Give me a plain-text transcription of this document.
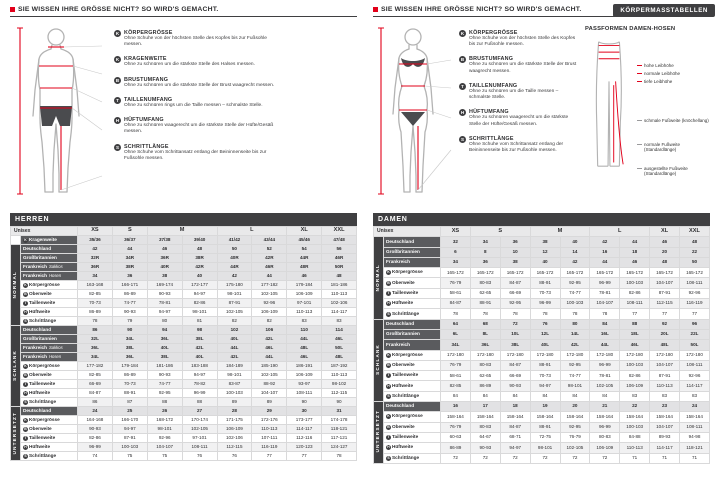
KÖRPERMASSTABELLEN
SIE WISSEN IHRE GRÖSSE NICHT? SO WIRD'S GEMACHT.
K KÖRPERGRÖSSE
Ohne Schuhe von der höchsten Stelle des Kopfes bis zur Fußsohle messen.
K KRAGENWEITE
Ohne zu schnüren um die stärkste Stelle des Halses messen.
B BRUSTUMFANG
Ohne zu schnüren um die stärkste Stelle der Brust waagrecht messen.
T TAILLENUMFANG
Ohne zu schnüren rings um die Taille messen – schmalste Stelle.
H HÜFTUMFANG
Ohne zu schnüren waagerecht um die stärkste Stelle der Hüfte/Gesäß messen.
S SCHRITTLÄNGE
Ohne Schuhe vom Schrittansatz entlang der Beininnenseite bis zur Fußsohle messen.
SIE WISSEN IHRE GRÖSSE NICHT? SO WIRD'S GEMACHT.
K KÖRPERGRÖSSE
Ohne Schuhe von der höchsten Stelle des Kopfes bis zur Fußsohle messen.
B BRUSTUMFANG
Ohne zu schnüren um die stärkste Stelle der Brust waagrecht messen.
T TAILLENUMFANG
Ohne zu schnüren um die Taille messen – schmalste Stelle.
H HÜFTUMFANG
Ohne zu schnüren waagerecht um die stärkste Stelle der Hüfte/Gesäß messen.
S SCHRITTLÄNGE
Ohne Schuhe vom Schrittansatz entlang der Beininnenseite bis zur Fußsohle messen.
PASSFORMEN DAMEN-HOSEN
hohe Leibhöhe
normale Leibhöhe
tiefe Leibhöhe
schmale Fußweite (knöchellang)
normale Fußweite (Standardlänge)
ausgestellte Fußweite (Standardlänge)
HERREN
Unisex		XS	S	M		L		XL	XXL
	K Kragenweite	35/36	36/37	37/38	39/40	41/42	43/44	45/46	47/48
NORMAL	Deutschland	42	44	46	48	50	52	54	56
	Großbritannien	32R	34R	36R	38R	40R	42R	44R	46R
	Frankreich Sakkos	36R	38R	40R	42R	44R	46R	48R	50R
	Frankreich Hosen	34	36	38	40	42	44	46	48
	K Körpergrösse	163-168	166-171	169-174	172-177	175-180	177-182	179-184	181-186
	B Oberweite	82-85	86-89	90-93	94-97	98-101	102-105	106-109	110-113
	T Taillenweite	70-73	74-77	78-81	82-86	87-91	92-96	97-101	102-106
	H Hüftweite	86-89	90-93	94-97	98-101	102-105	106-109	110-113	114-117
	S Schrittlänge	78	79	80	81	82	82	83	83
SCHLANK	Deutschland	86	90	94	98	102	106	110	114
	Großbritannien	32L	34L	36L	38L	40L	42L	44L	46L
	Frankreich Sakkos	36L	38L	40L	42L	44L	46L	48L	50L
	Frankreich Hosen	34L	36L	38L	40L	42L	44L	46L	48L
	K Körpergrösse	177-182	179-184	181-186	183-188	184-189	185-190	186-191	187-192
	B Oberweite	82-85	86-89	90-93	94-97	98-101	102-105	106-109	110-113
	T Taillenweite	66-69	70-73	74-77	78-82	83-87	88-92	93-97	98-102
	H Hüftweite	84-87	88-91	92-95	96-99	100-103	104-107	108-111	112-115
	S Schrittlänge	86	87	88	88	89	89	90	90
UNTERSETZT	Deutschland	24	25	26	27	28	29	30	31
	K Körpergrösse	164-168	166-170	168-172	170-174	171-175	172-176	173-177	174-178
	B Oberweite	90-93	94-97	98-101	102-105	106-109	110-113	114-117	118-121
	T Taillenweite	82-86	87-91	92-96	97-101	102-106	107-111	112-116	117-121
	H Hüftweite	96-99	100-103	104-107	108-111	112-115	116-119	120-123	124-127
	S Schrittlänge	74	75	75	76	76	77	77	78
DAMEN
Unisex		XS	S		M		L		XL	XXL
NORMAL	Deutschland	32	34	36	38	40	42	44	46	48
	Großbritannien	6	8	10	12	14	16	18	20	22
	Frankreich	34	36	38	40	42	44	46	48	50
	K Körpergrösse	165-172	165-172	165-172	165-172	165-172	165-172	165-172	165-172	165-172
	B Oberweite	76-79	80-83	84-87	88-91	92-95	96-99	100-103	104-107	108-111
	T Taillenweite	58-61	62-65	66-69	70-73	74-77	78-81	82-86	87-91	92-96
	H Hüftweite	84-87	88-91	92-95	96-99	100-103	104-107	108-111	112-115	116-119
	S Schrittlänge	78	78	78	78	78	78	77	77	77
SCHLANK	Deutschland	64	68	72	76	80	84	88	92	96
	Großbritannien	6L	8L	10L	12L	14L	16L	18L	20L	22L
	Frankreich	34L	36L	38L	40L	42L	44L	46L	48L	50L
	K Körpergrösse	172-180	172-180	172-180	172-180	172-180	172-180	172-180	172-180	172-180
	B Oberweite	76-79	80-83	84-87	88-91	92-95	96-99	100-103	104-107	108-111
	T Taillenweite	58-61	62-65	66-69	70-73	74-77	78-81	82-86	87-91	92-96
	H Hüftweite	82-85	86-89	90-93	94-97	98-101	102-105	106-109	110-113	114-117
	S Schrittlänge	84	84	84	84	84	84	83	83	83
UNTERSETZT	Deutschland	16	17	18	19	20	21	22	23	24
	K Körpergrösse	158-164	158-164	158-164	158-164	158-164	158-164	158-164	158-164	158-164
	B Oberweite	76-79	80-83	84-87	88-91	92-95	96-99	100-103	104-107	108-111
	T Taillenweite	60-63	64-67	68-71	72-75	76-79	80-83	84-88	89-93	94-98
	H Hüftweite	86-89	90-93	94-97	98-101	102-105	106-109	110-113	114-117	118-121
	S Schrittlänge	72	72	72	72	72	72	71	71	71
